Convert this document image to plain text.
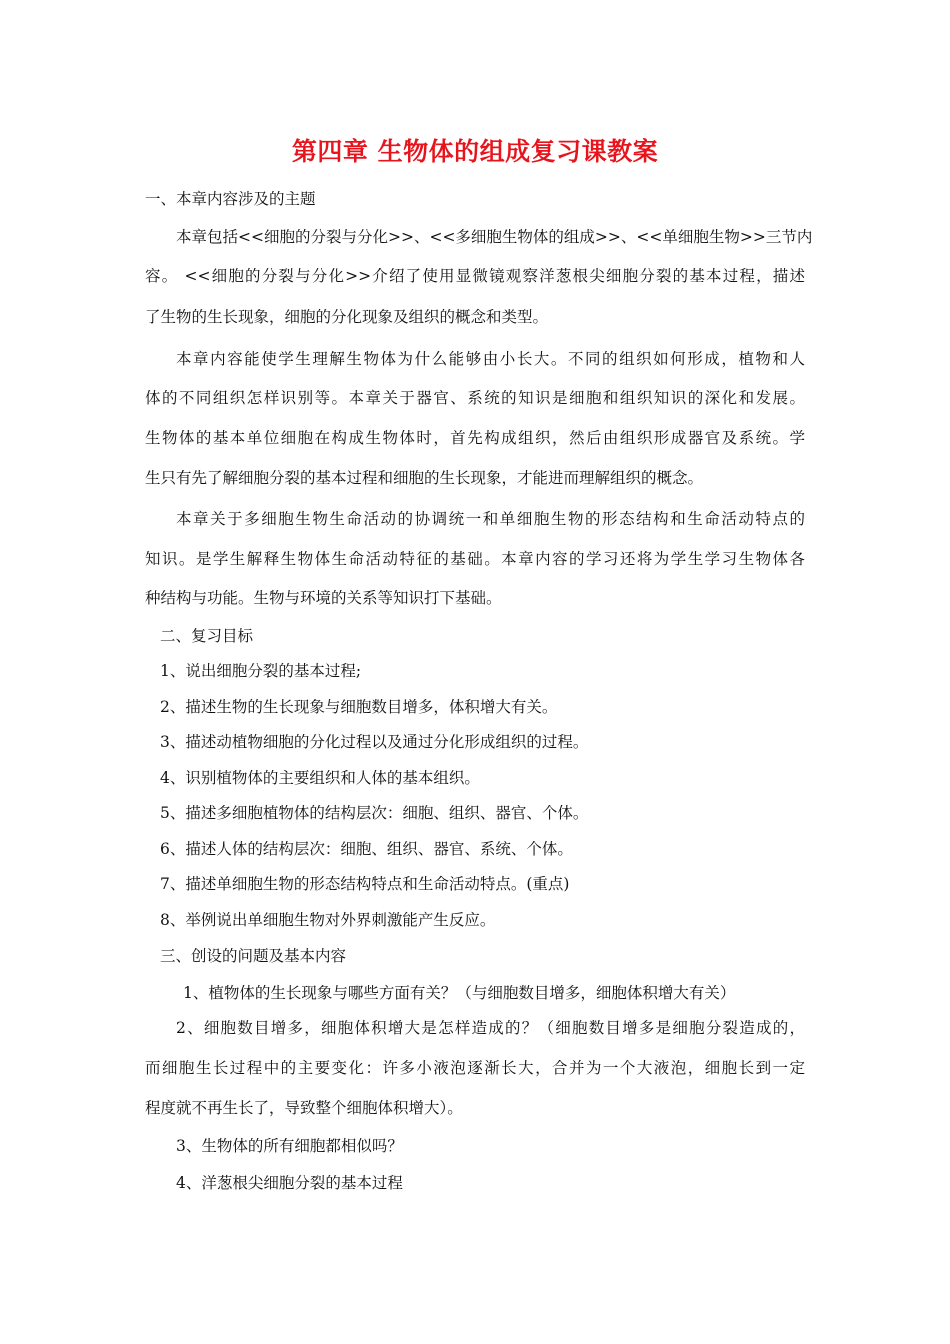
第四章 生物体的组成复习课教案

一、本章内容涉及的主题

本章包括<<细胞的分裂与分化>>、<<多细胞生物体的组成>>、<<单细胞生物>>三节内

容。 <<细胞的分裂与分化>>介绍了使用显微镜观察洋葱根尖细胞分裂的基本过程，描述

了生物的生长现象，细胞的分化现象及组织的概念和类型。

本章内容能使学生理解生物体为什么能够由小长大。不同的组织如何形成，植物和人

体的不同组织怎样识别等。本章关于器官、系统的知识是细胞和组织知识的深化和发展。

生物体的基本单位细胞在构成生物体时，首先构成组织，然后由组织形成器官及系统。学

生只有先了解细胞分裂的基本过程和细胞的生长现象，才能进而理解组织的概念。

本章关于多细胞生物生命活动的协调统一和单细胞生物的形态结构和生命活动特点的

知识。是学生解释生物体生命活动特征的基础。本章内容的学习还将为学生学习生物体各

种结构与功能。生物与环境的关系等知识打下基础。

二、复习目标

1、说出细胞分裂的基本过程;

2、描述生物的生长现象与细胞数目增多，体积增大有关。

3、描述动植物细胞的分化过程以及通过分化形成组织的过程。

4、识别植物体的主要组织和人体的基本组织。

5、描述多细胞植物体的结构层次：细胞、组织、器官、个体。

6、描述人体的结构层次：细胞、组织、器官、系统、个体。

7、描述单细胞生物的形态结构特点和生命活动特点。(重点)

8、举例说出单细胞生物对外界刺激能产生反应。

三、创设的问题及基本内容

1、植物体的生长现象与哪些方面有关？（与细胞数目增多，细胞体积增大有关）

2、细胞数目增多，细胞体积增大是怎样造成的？（细胞数目增多是细胞分裂造成的，

而细胞生长过程中的主要变化：许多小液泡逐渐长大，合并为一个大液泡，细胞长到一定

程度就不再生长了，导致整个细胞体积增大）。

3、生物体的所有细胞都相似吗？

4、洋葱根尖细胞分裂的基本过程
